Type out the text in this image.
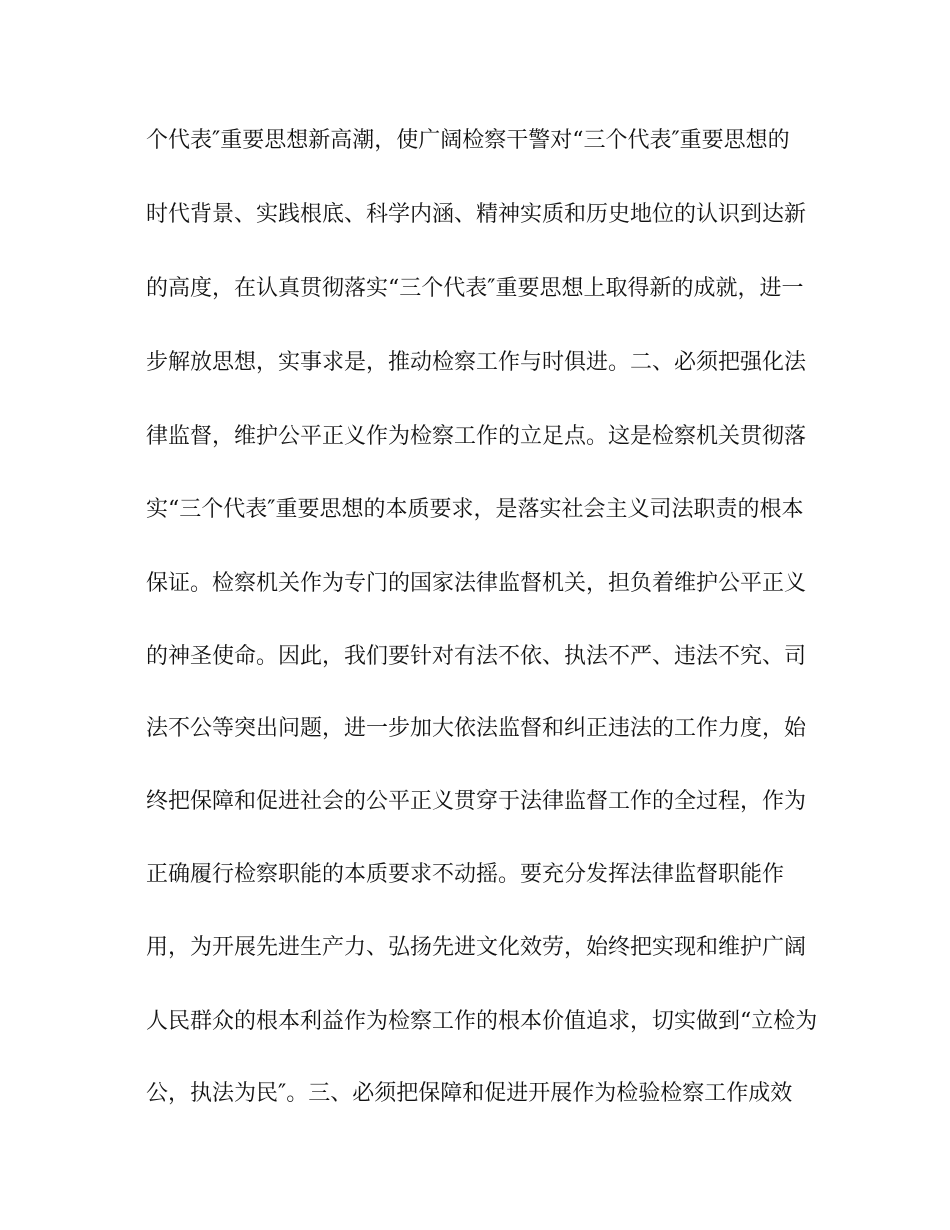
个代表″重要思想新高潮，使广阔检察干警对“三个代表″重要思想的
时代背景、实践根底、科学内涵、精神实质和历史地位的认识到达新
的高度，在认真贯彻落实“三个代表″重要思想上取得新的成就，进一
步解放思想，实事求是，推动检察工作与时俱进。二、必须把强化法
律监督，维护公平正义作为检察工作的立足点。这是检察机关贯彻落
实“三个代表″重要思想的本质要求，是落实社会主义司法职责的根本
保证。检察机关作为专门的国家法律监督机关，担负着维护公平正义
的神圣使命。因此，我们要针对有法不依、执法不严、违法不究、司
法不公等突出问题，进一步加大依法监督和纠正违法的工作力度，始
终把保障和促进社会的公平正义贯穿于法律监督工作的全过程，作为
正确履行检察职能的本质要求不动摇。要充分发挥法律监督职能作
用，为开展先进生产力、弘扬先进文化效劳，始终把实现和维护广阔
人民群众的根本利益作为检察工作的根本价值追求，切实做到“立检为
公，执法为民″。三、必须把保障和促进开展作为检验检察工作成效
